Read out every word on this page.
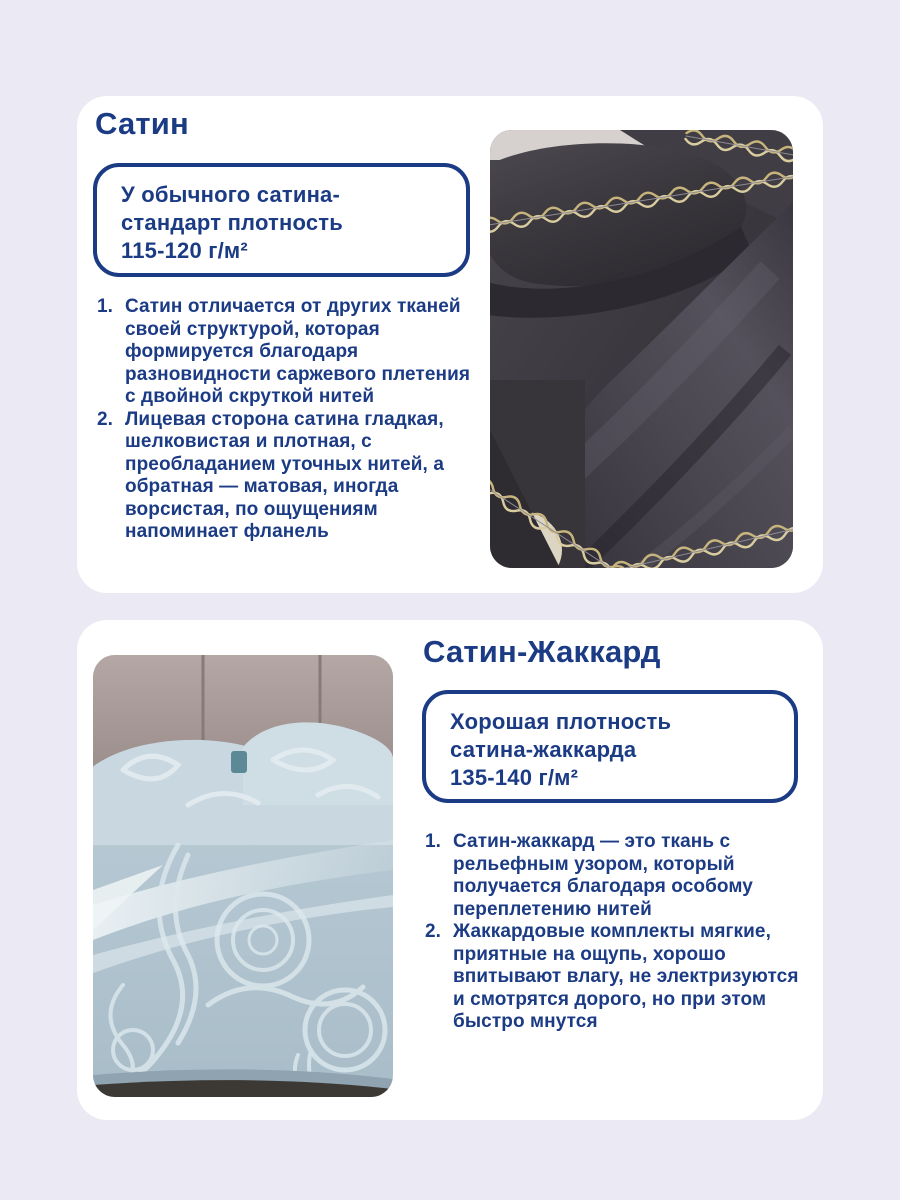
Сатин
У обычного сатина-
стандарт плотность
115-120 г/м²
1. Сатин отличается от других тканей своей структурой, которая формируется благодаря разновидности саржевого плетения с двойной скруткой нитей
2. Лицевая сторона сатина гладкая, шелковистая и плотная, с преобладанием уточных нитей, а обратная — матовая, иногда ворсистая, по ощущениям напоминает фланель
Сатин-Жаккард
Хорошая плотность
сатина-жаккарда
135-140 г/м²
1. Сатин-жаккард — это ткань с рельефным узором, который получается благодаря особому переплетению нитей
2. Жаккардовые комплекты мягкие, приятные на ощупь, хорошо впитывают влагу, не электризуются и смотрятся дорого, но при этом быстро мнутся
